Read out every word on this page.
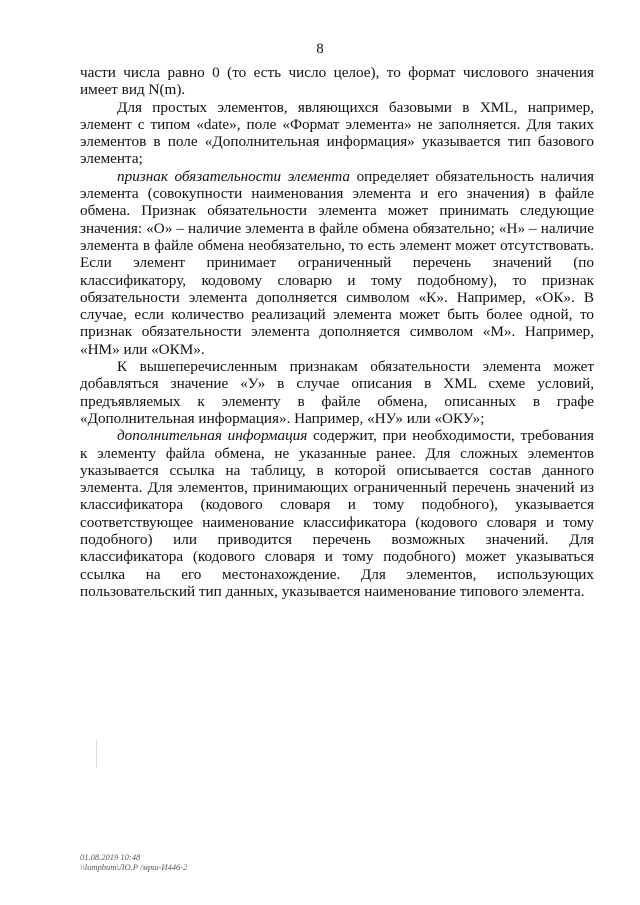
8

части числа равно 0 (то есть число целое), то формат числового значения имеет вид N(m).

Для простых элементов, являющихся базовыми в XML, например, элемент с типом «date», поле «Формат элемента» не заполняется. Для таких элементов в поле «Дополнительная информация» указывается тип базового элемента;

признак обязательности элемента определяет обязательность наличия элемента (совокупности наименования элемента и его значения) в файле обмена. Признак обязательности элемента может принимать следующие значения: «О» – наличие элемента в файле обмена обязательно; «Н» – наличие элемента в файле обмена необязательно, то есть элемент может отсутствовать. Если элемент принимает ограниченный перечень значений (по классификатору, кодовому словарю и тому подобному), то признак обязательности элемента дополняется символом «К». Например, «ОК». В случае, если количество реализаций элемента может быть более одной, то признак обязательности элемента дополняется символом «М». Например, «НМ» или «ОКМ».

К вышеперечисленным признакам обязательности элемента может добавляться значение «У» в случае описания в XML схеме условий, предъявляемых к элементу в файле обмена, описанных в графе «Дополнительная информация». Например, «НУ» или «ОКУ»;

дополнительная информация содержит, при необходимости, требования к элементу файла обмена, не указанные ранее. Для сложных элементов указывается ссылка на таблицу, в которой описывается состав данного элемента. Для элементов, принимающих ограниченный перечень значений из классификатора (кодового словаря и тому подобного), указывается соответствующее наименование классификатора (кодового словаря и тому подобного) или приводится перечень возможных значений. Для классификатора (кодового словаря и тому подобного) может указываться ссылка на его местонахождение. Для элементов, использующих пользовательский тип данных, указывается наименование типового элемента.

01.08.2019 10:48
\\lumpbum\ЛО.Р /мрш-И446-2
